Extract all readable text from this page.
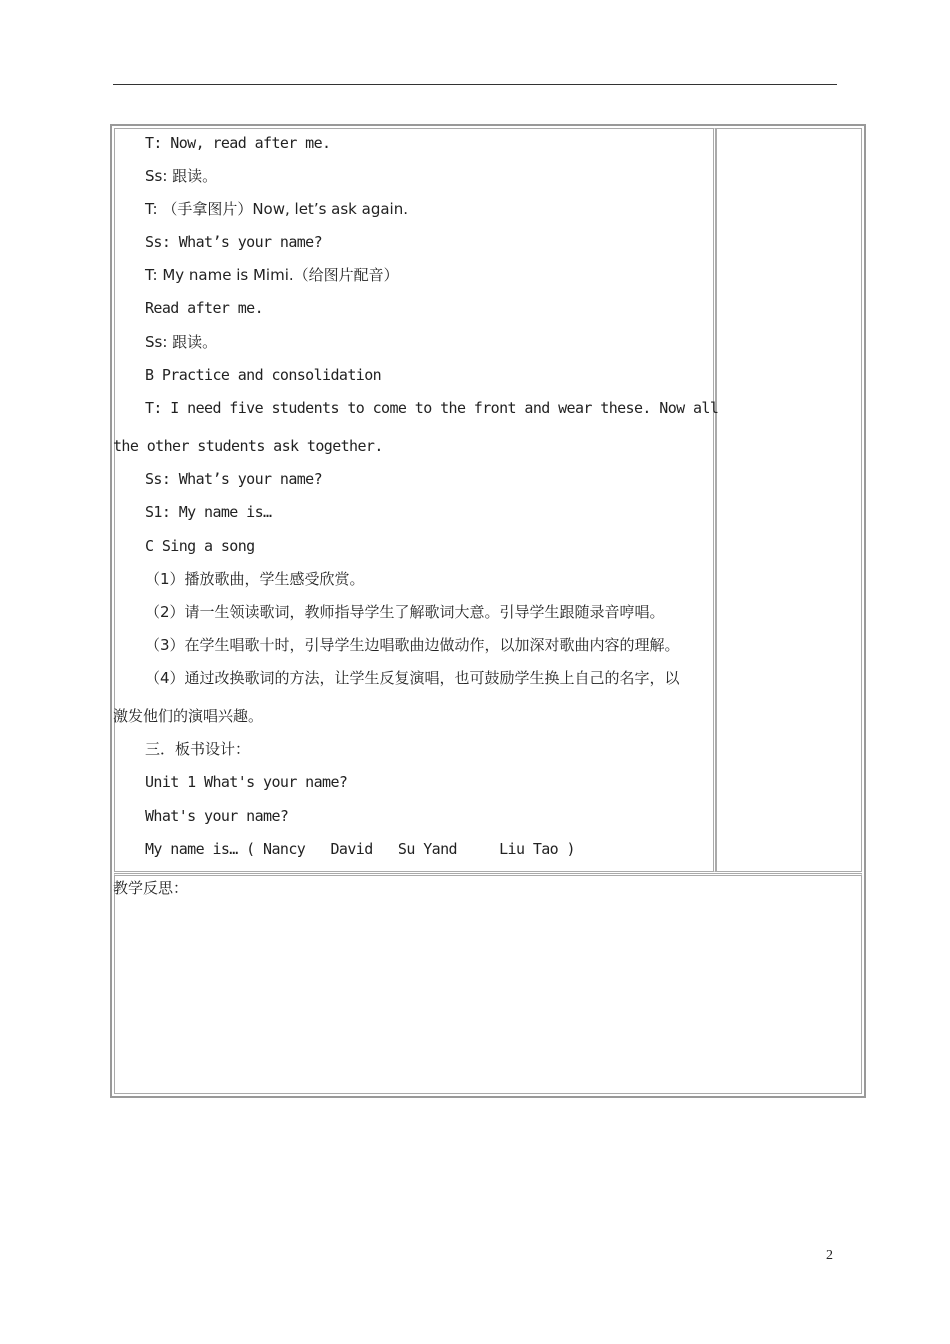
T: Now, read after me.
Ss: 跟读。
T: （手拿图片）Now, let’s ask again.
Ss: What’s your name?
T: My name is Mimi.（给图片配音）
Read after me.
Ss: 跟读。
B Practice and consolidation
T: I need five students to come to the front and wear these. Now all
the other students ask together.
Ss: What’s your name?
S1: My name is…
C Sing a song
（1）播放歌曲，学生感受欣赏。
（2）请一生领读歌词，教师指导学生了解歌词大意。引导学生跟随录音哼唱。
（3）在学生唱歌十时，引导学生边唱歌曲边做动作，以加深对歌曲内容的理解。
（4）通过改换歌词的方法，让学生反复演唱，也可鼓励学生换上自己的名字，以
激发他们的演唱兴趣。
三．板书设计：
Unit 1 What's your name?
What's your name?
My name is… ( Nancy   David   Su Yand     Liu Tao )
教学反思：
2
